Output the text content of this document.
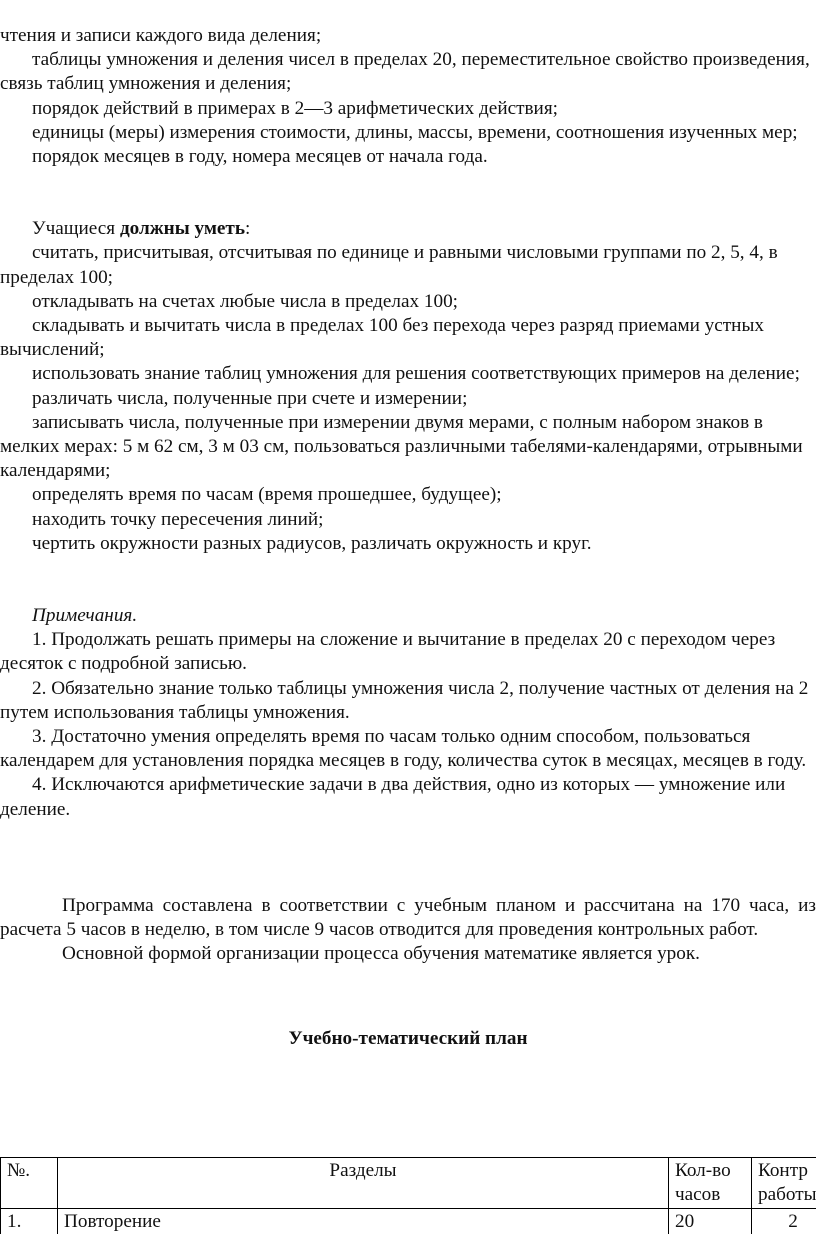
чтения и записи каждого вида деления;

таблицы умножения и деления чисел в пределах 20, переместительное свойство произведения, связь таблиц умножения и деления;

порядок действий в примерах в 2—3 арифметических действия;

единицы (меры) измерения стоимости, длины, массы, времени, соотношения изученных мер;

порядок месяцев в году, номера месяцев от начала года.

Учащиеся должны уметь:

считать, присчитывая, отсчитывая по единице и равными числовыми группами по 2, 5, 4, в пределах 100;

откладывать на счетах любые числа в пределах 100;

складывать и вычитать числа в пределах 100 без перехода через разряд приемами устных вычислений;

использовать знание таблиц умножения для решения соответствующих примеров на деление;

различать числа, полученные при счете и измерении;

записывать числа, полученные при измерении двумя мерами, с полным набором знаков в мелких мерах: 5 м 62 см, 3 м 03 см, пользоваться различными табелями-календарями, отрывными календарями;

определять время по часам (время прошедшее, будущее);

находить точку пересечения линий;

чертить окружности разных радиусов, различать окружность и круг.

Примечания.

1. Продолжать решать примеры на сложение и вычитание в пределах 20 с переходом через десяток с подробной записью.

2. Обязательно знание только таблицы умножения числа 2, получение частных от деления на 2 путем использования таблицы умножения.

3. Достаточно умения определять время по часам только одним способом, пользоваться календарем для установления порядка месяцев в году, количества суток в месяцах, месяцев в году.

4. Исключаются арифметические задачи в два действия, одно из которых — умножение или деление.

Программа составлена в соответствии с учебным планом и рассчитана на 170 часа, из расчета 5 часов в неделю, в том числе 9 часов отводится для проведения контрольных работ.

Основной формой организации процесса обучения математике является урок.

Учебно-тематический план

№.	Разделы	Кол-во часов	Контр работы
1.	Повторение	20	2
